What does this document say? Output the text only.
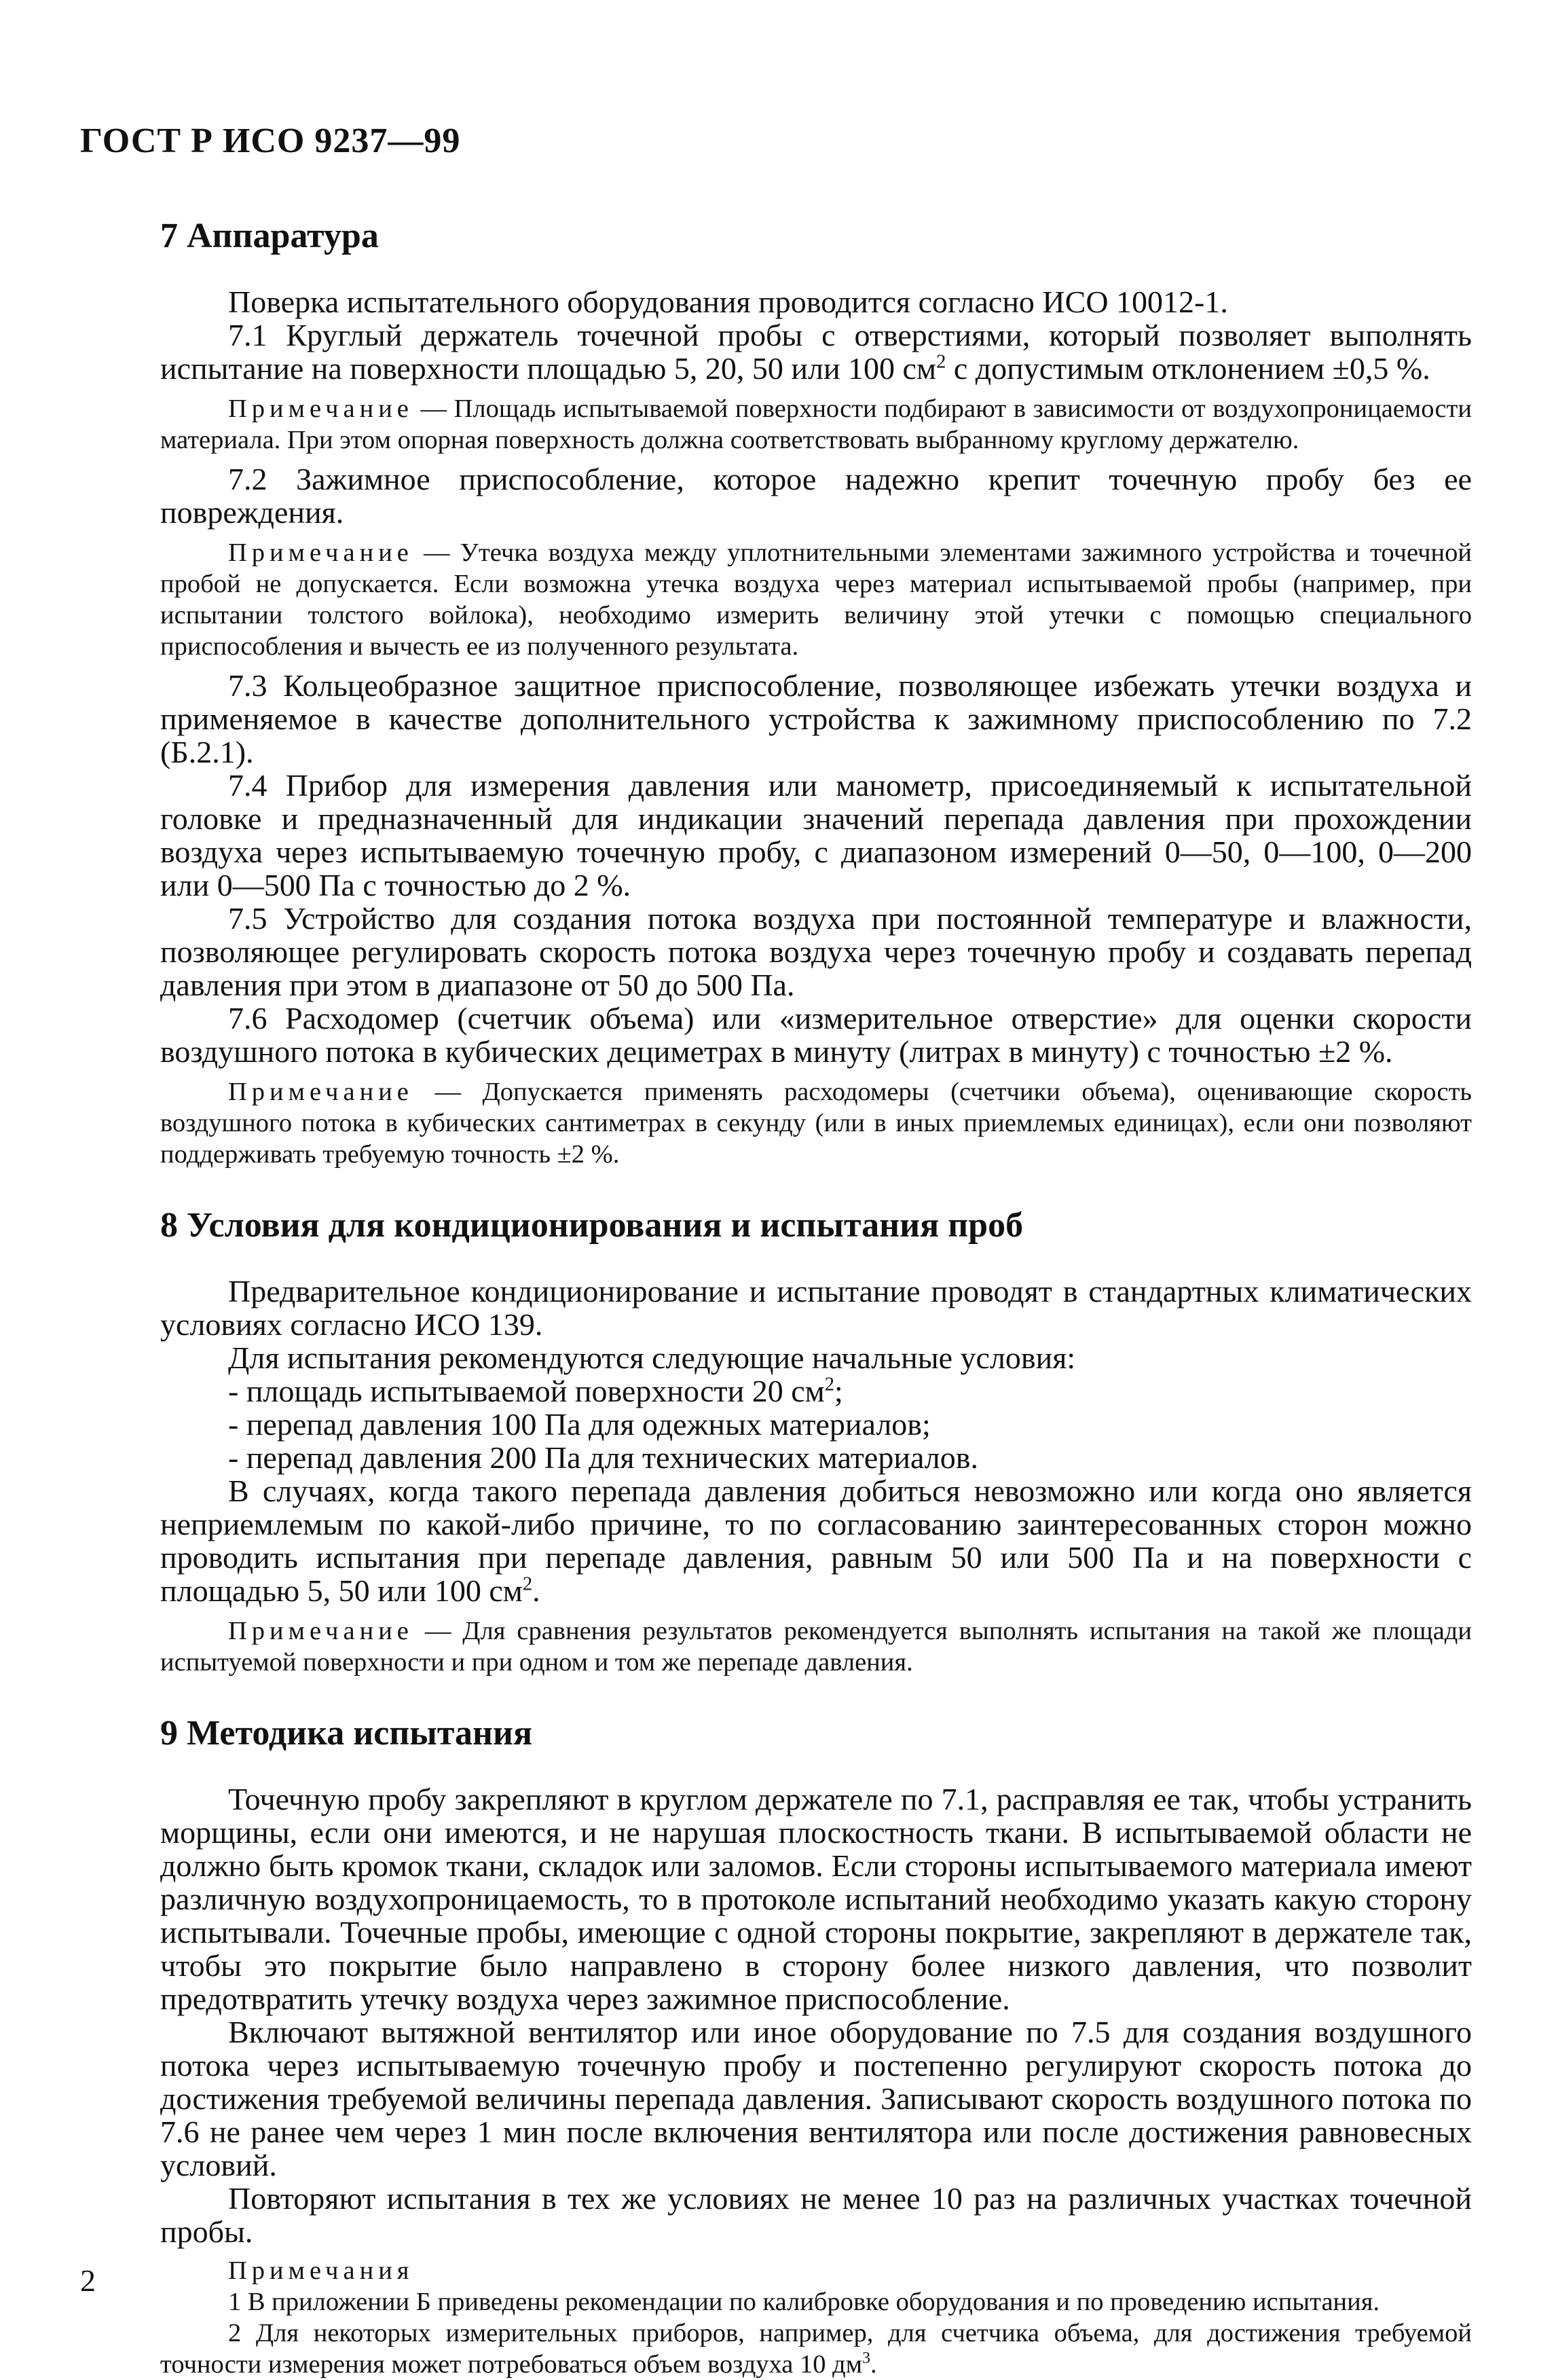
ГОСТ Р ИСО 9237—99
7 Аппаратура

Поверка испытательного оборудования проводится согласно ИСО 10012-1.

7.1 Круглый держатель точечной пробы с отверстиями, который позволяет выполнять испытание на поверхности площадью 5, 20, 50 или 100 $см^2$ с допустимым отклонением ±0,5 %.

Примечание — Площадь испытываемой поверхности подбирают в зависимости от воздухопроницаемости материала. При этом опорная поверхность должна соответствовать выбранному круглому держателю.

7.2 Зажимное приспособление, которое надежно крепит точечную пробу без ее повреждения.

Примечание — Утечка воздуха между уплотнительными элементами зажимного устройства и точечной пробой не допускается. Если возможна утечка воздуха через материал испытываемой пробы (например, при испытании толстого войлока), необходимо измерить величину этой утечки с помощью специального приспособления и вычесть ее из полученного результата.

7.3 Кольцеобразное защитное приспособление, позволяющее избежать утечки воздуха и применяемое в качестве дополнительного устройства к зажимному приспособлению по 7.2 (Б.2.1).

7.4 Прибор для измерения давления или манометр, присоединяемый к испытательной головке и предназначенный для индикации значений перепада давления при прохождении воздуха через испытываемую точечную пробу, с диапазоном измерений 0—50, 0—100, 0—200 или 0—500 Па с точностью до 2 %.

7.5 Устройство для создания потока воздуха при постоянной температуре и влажности, позволяющее регулировать скорость потока воздуха через точечную пробу и создавать перепад давления при этом в диапазоне от 50 до 500 Па.

7.6 Расходомер (счетчик объема) или «измерительное отверстие» для оценки скорости воздушного потока в кубических дециметрах в минуту (литрах в минуту) с точностью ±2 %.

Примечание — Допускается применять расходомеры (счетчики объема), оценивающие скорость воздушного потока в кубических сантиметрах в секунду (или в иных приемлемых единицах), если они позволяют поддерживать требуемую точность ±2 %.

8 Условия для кондиционирования и испытания проб

Предварительное кондиционирование и испытание проводят в стандартных климатических условиях согласно ИСО 139.

Для испытания рекомендуются следующие начальные условия:

- площадь испытываемой поверхности 20 $см^2$;

- перепад давления 100 Па для одежных материалов;

- перепад давления 200 Па для технических материалов.

В случаях, когда такого перепада давления добиться невозможно или когда оно является неприемлемым по какой-либо причине, то по согласованию заинтересованных сторон можно проводить испытания при перепаде давления, равным 50 или 500 Па и на поверхности с площадью 5, 50 или 100 $см^2$.

Примечание — Для сравнения результатов рекомендуется выполнять испытания на такой же площади испытуемой поверхности и при одном и том же перепаде давления.

9 Методика испытания

Точечную пробу закрепляют в круглом держателе по 7.1, расправляя ее так, чтобы устранить морщины, если они имеются, и не нарушая плоскостность ткани. В испытываемой области не должно быть кромок ткани, складок или заломов. Если стороны испытываемого материала имеют различную воздухопроницаемость, то в протоколе испытаний необходимо указать какую сторону испытывали. Точечные пробы, имеющие с одной стороны покрытие, закрепляют в держателе так, чтобы это покрытие было направлено в сторону более низкого давления, что позволит предотвратить утечку воздуха через зажимное приспособление.

Включают вытяжной вентилятор или иное оборудование по 7.5 для создания воздушного потока через испытываемую точечную пробу и постепенно регулируют скорость потока до достижения требуемой величины перепада давления. Записывают скорость воздушного потока по 7.6 не ранее чем через 1 мин после включения вентилятора или после достижения равновесных условий.

Повторяют испытания в тех же условиях не менее 10 раз на различных участках точечной пробы.

Примечания

1 В приложении Б приведены рекомендации по калибровке оборудования и по проведению испытания.

2 Для некоторых измерительных приборов, например, для счетчика объема, для достижения требуемой точности измерения может потребоваться объем воздуха 10 $дм^3$.

2
